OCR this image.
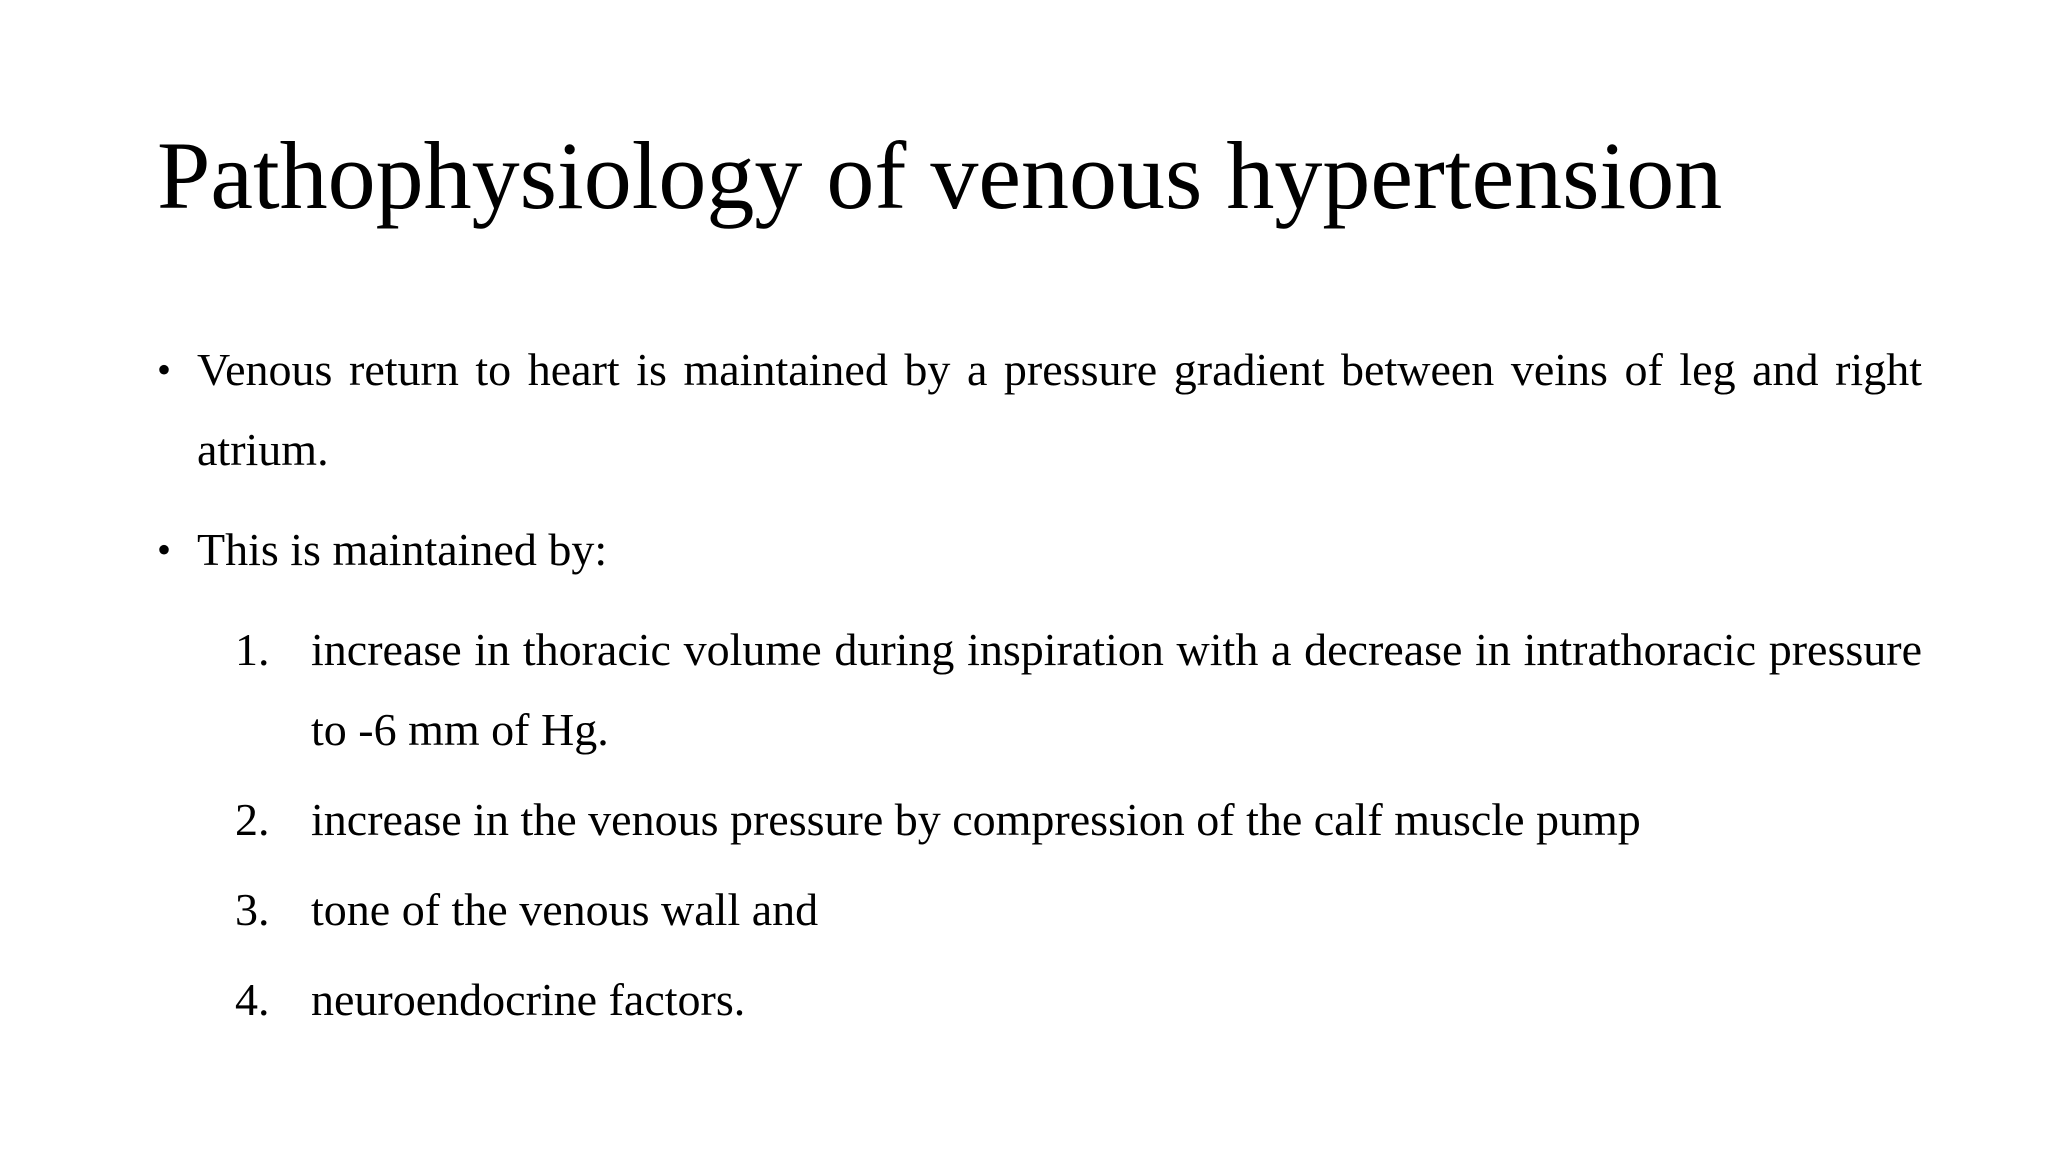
Pathophysiology of venous hypertension
• Venous return to heart is maintained by a pressure gradient between veins of leg and right atrium.
• This is maintained by:
1. increase in thoracic volume during inspiration with a decrease in intrathoracic pressure to -6 mm of Hg.
2. increase in the venous pressure by compression of the calf muscle pump
3. tone of the venous wall and
4. neuroendocrine factors.
